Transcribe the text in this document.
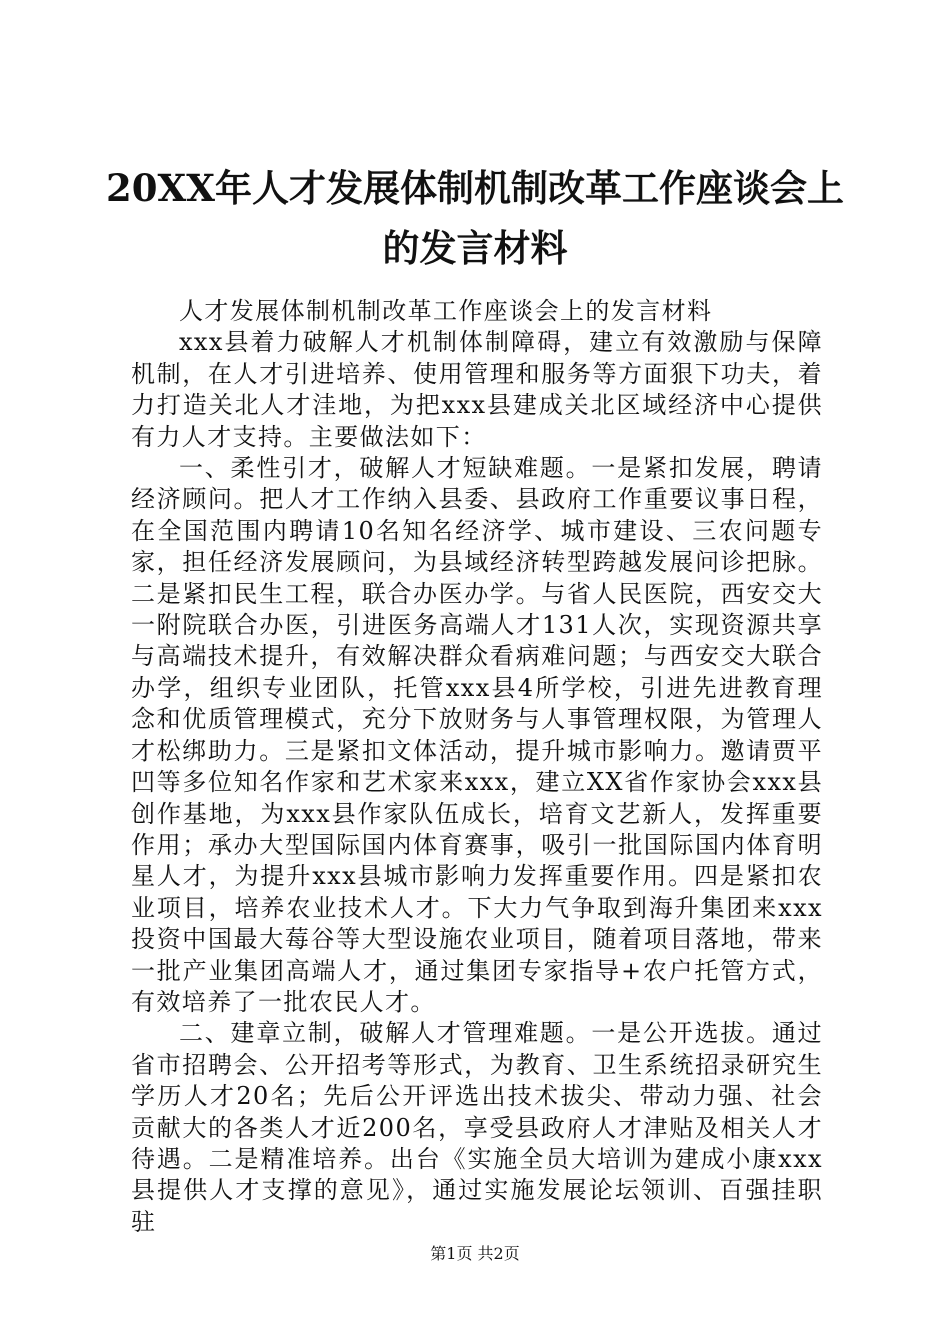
20XX年人才发展体制机制改革工作座谈会上的发言材料

人才发展体制机制改革工作座谈会上的发言材料

xxx县着力破解人才机制体制障碍，建立有效激励与保障机制，在人才引进培养、使用管理和服务等方面狠下功夫，着力打造关北人才洼地，为把xxx县建成关北区域经济中心提供有力人才支持。主要做法如下：

一、柔性引才，破解人才短缺难题。一是紧扣发展，聘请经济顾问。把人才工作纳入县委、县政府工作重要议事日程，在全国范围内聘请10名知名经济学、城市建设、三农问题专家，担任经济发展顾问，为县域经济转型跨越发展问诊把脉。二是紧扣民生工程，联合办医办学。与省人民医院，西安交大一附院联合办医，引进医务高端人才131人次，实现资源共享与高端技术提升，有效解决群众看病难问题；与西安交大联合办学，组织专业团队，托管xxx县4所学校，引进先进教育理念和优质管理模式，充分下放财务与人事管理权限，为管理人才松绑助力。三是紧扣文体活动，提升城市影响力。邀请贾平凹等多位知名作家和艺术家来xxx，建立XX省作家协会xxx县创作基地，为xxx县作家队伍成长，培育文艺新人，发挥重要作用；承办大型国际国内体育赛事，吸引一批国际国内体育明星人才，为提升xxx县城市影响力发挥重要作用。四是紧扣农业项目，培养农业技术人才。下大力气争取到海升集团来xxx投资中国最大莓谷等大型设施农业项目，随着项目落地，带来一批产业集团高端人才，通过集团专家指导+农户托管方式，有效培养了一批农民人才。

二、建章立制，破解人才管理难题。一是公开选拔。通过省市招聘会、公开招考等形式，为教育、卫生系统招录研究生学历人才20名；先后公开评选出技术拔尖、带动力强、社会贡献大的各类人才近200名，享受县政府人才津贴及相关人才待遇。二是精准培养。出台《实施全员大培训为建成小康xxx县提供人才支撑的意见》，通过实施发展论坛领训、百强挂职驻

第1页 共2页
